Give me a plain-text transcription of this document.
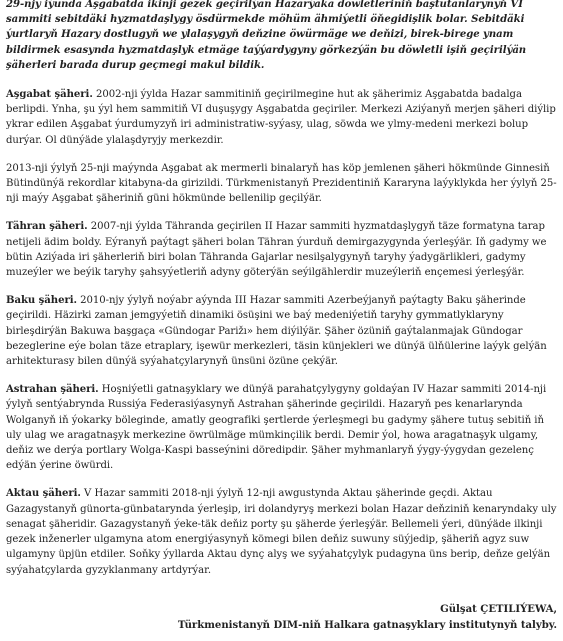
29-njy iýunda Aşgabatda ikinji gezek geçirilýän Hazarýaka döwletleriniň baştutanlarynyň VI sammiti sebitdäki hyzmatdaşlygy ösdürmekde möhüm ähmiýetli öňegidişlik bolar. Sebitdäki ýurtlaryň Hazary dostlugyň we ylalaşygyň deňzine öwürmäge we deňizi, birek-birege ynam bildirmek esasynda hyzmatdaşlyk etmäge taýýardygyny görkezýän bu döwletli işiň geçirilýän şäherleri barada durup geçmegi makul bildik.

Aşgabat şäheri. 2002-nji ýylda Hazar sammitiniň geçirilmegine hut ak şäherimiz Aşgabatda badalga berlipdi. Ynha, şu ýyl hem sammitiň VI duşuşygy Aşgabatda geçiriler. Merkezi Aziýanyň merjen şäheri diýlip ykrar edilen Aşgabat ýurdumyzyň iri administratiw-syýasy, ulag, söwda we ylmy-medeni merkezi bolup durýar. Ol dünýäde ylalaşdyryjy merkezdir.

2013-nji ýylyň 25-nji maýynda Aşgabat ak mermerli binalaryň has köp jemlenen şäheri hökmünde Ginnesiň Bütindünýä rekordlar kitabyna-da girizildi. Türkmenistanyň Prezidentiniň Kararyna laýyklykda her ýylyň 25-nji maýy Aşgabat şäheriniň güni hökmünde bellenilip geçilýär.

Tähran şäheri. 2007-nji ýylda Tähranda geçirilen II Hazar sammiti hyzmatdaşlygyň täze formatyna tarap netijeli ädim boldy. Eýranyň paýtagt şäheri bolan Tähran ýurduň demirgazygynda ýerleşýär. Iň gadymy we bütin Aziýada iri şäherleriň biri bolan Tähranda Gajarlar nesilşalygynyň taryhy ýadygärlikleri, gadymy muzeýler we beýik taryhy şahsyýetleriň adyny göterýän seýilgählerdir muzeýleriň ençemesi ýerleşýär.

Baku şäheri. 2010-njy ýylyň noýabr aýynda III Hazar sammiti Azerbeýjanyň paýtagty Baku şäherinde geçirildi. Häzirki zaman jemgyýetiň dinamiki ösüşini we baý medeniýetiň taryhy gymmatlyklaryny birleşdirýän Bakuwa başgaça «Gündogar Parižı» hem diýilýär. Şäher özüniň gaýtalanmajak Gündogar bezeglerine eýe bolan täze etraplary, işewür merkezleri, täsin künjekleri we dünýä ülňülerine laýyk gelýän arhitekturasy bilen dünýä syýahatçylarynyň ünsüni özüne çekýär.

Astrahan şäheri. Hoşniýetli gatnaşyklary we dünýä parahatçylygyny goldaýan IV Hazar sammiti 2014-nji ýylyň sentýabrynda Russiýa Federasiýasynyň Astrahan şäherinde geçirildi. Hazaryň pes kenarlarynda Wolganyň iň ýokarky böleginde, amatly geografiki şertlerde ýerleşmegi bu gadymy şähere tutuş sebitiň iň uly ulag we aragatnaşyk merkezine öwrülmäge mümkinçilik berdi. Demir ýol, howa aragatnaşyk ulgamy, deňiz we derýa portlary Wolga-Kaspi basseýnini döredipdir. Şäher myhmanlaryň ýygy-ýygydan gezelenç edýän ýerine öwürdi.

Aktau şäheri. V Hazar sammiti 2018-nji ýylyň 12-nji awgustynda Aktau şäherinde geçdi. Aktau Gazagystanyň günorta-günbatarynda ýerleşip, iri dolandyryş merkezi bolan Hazar deňziniň kenaryndaky uly senagat şäheridir. Gazagystanyň ýeke-täk deňiz porty şu şäherde ýerleşýär. Bellemeli ýeri, dünýäde ilkinji gezek inženerler ulgamyna atom energiýasynyň kömegi bilen deňiz suwuny süýjedip, şäheriň agyz suw ulgamyny üpjün etdiler. Soňky ýyllarda Aktau dynç alyş we syýahatçylyk pudagyna üns berip, deňze gelýän syýahatçylarda gyzyklanmany artdyrýar.

Gülşat ÇETILIÝEWA,
Türkmenistanyň DIM-niň Halkara gatnaşyklary institutynyň talyby.
